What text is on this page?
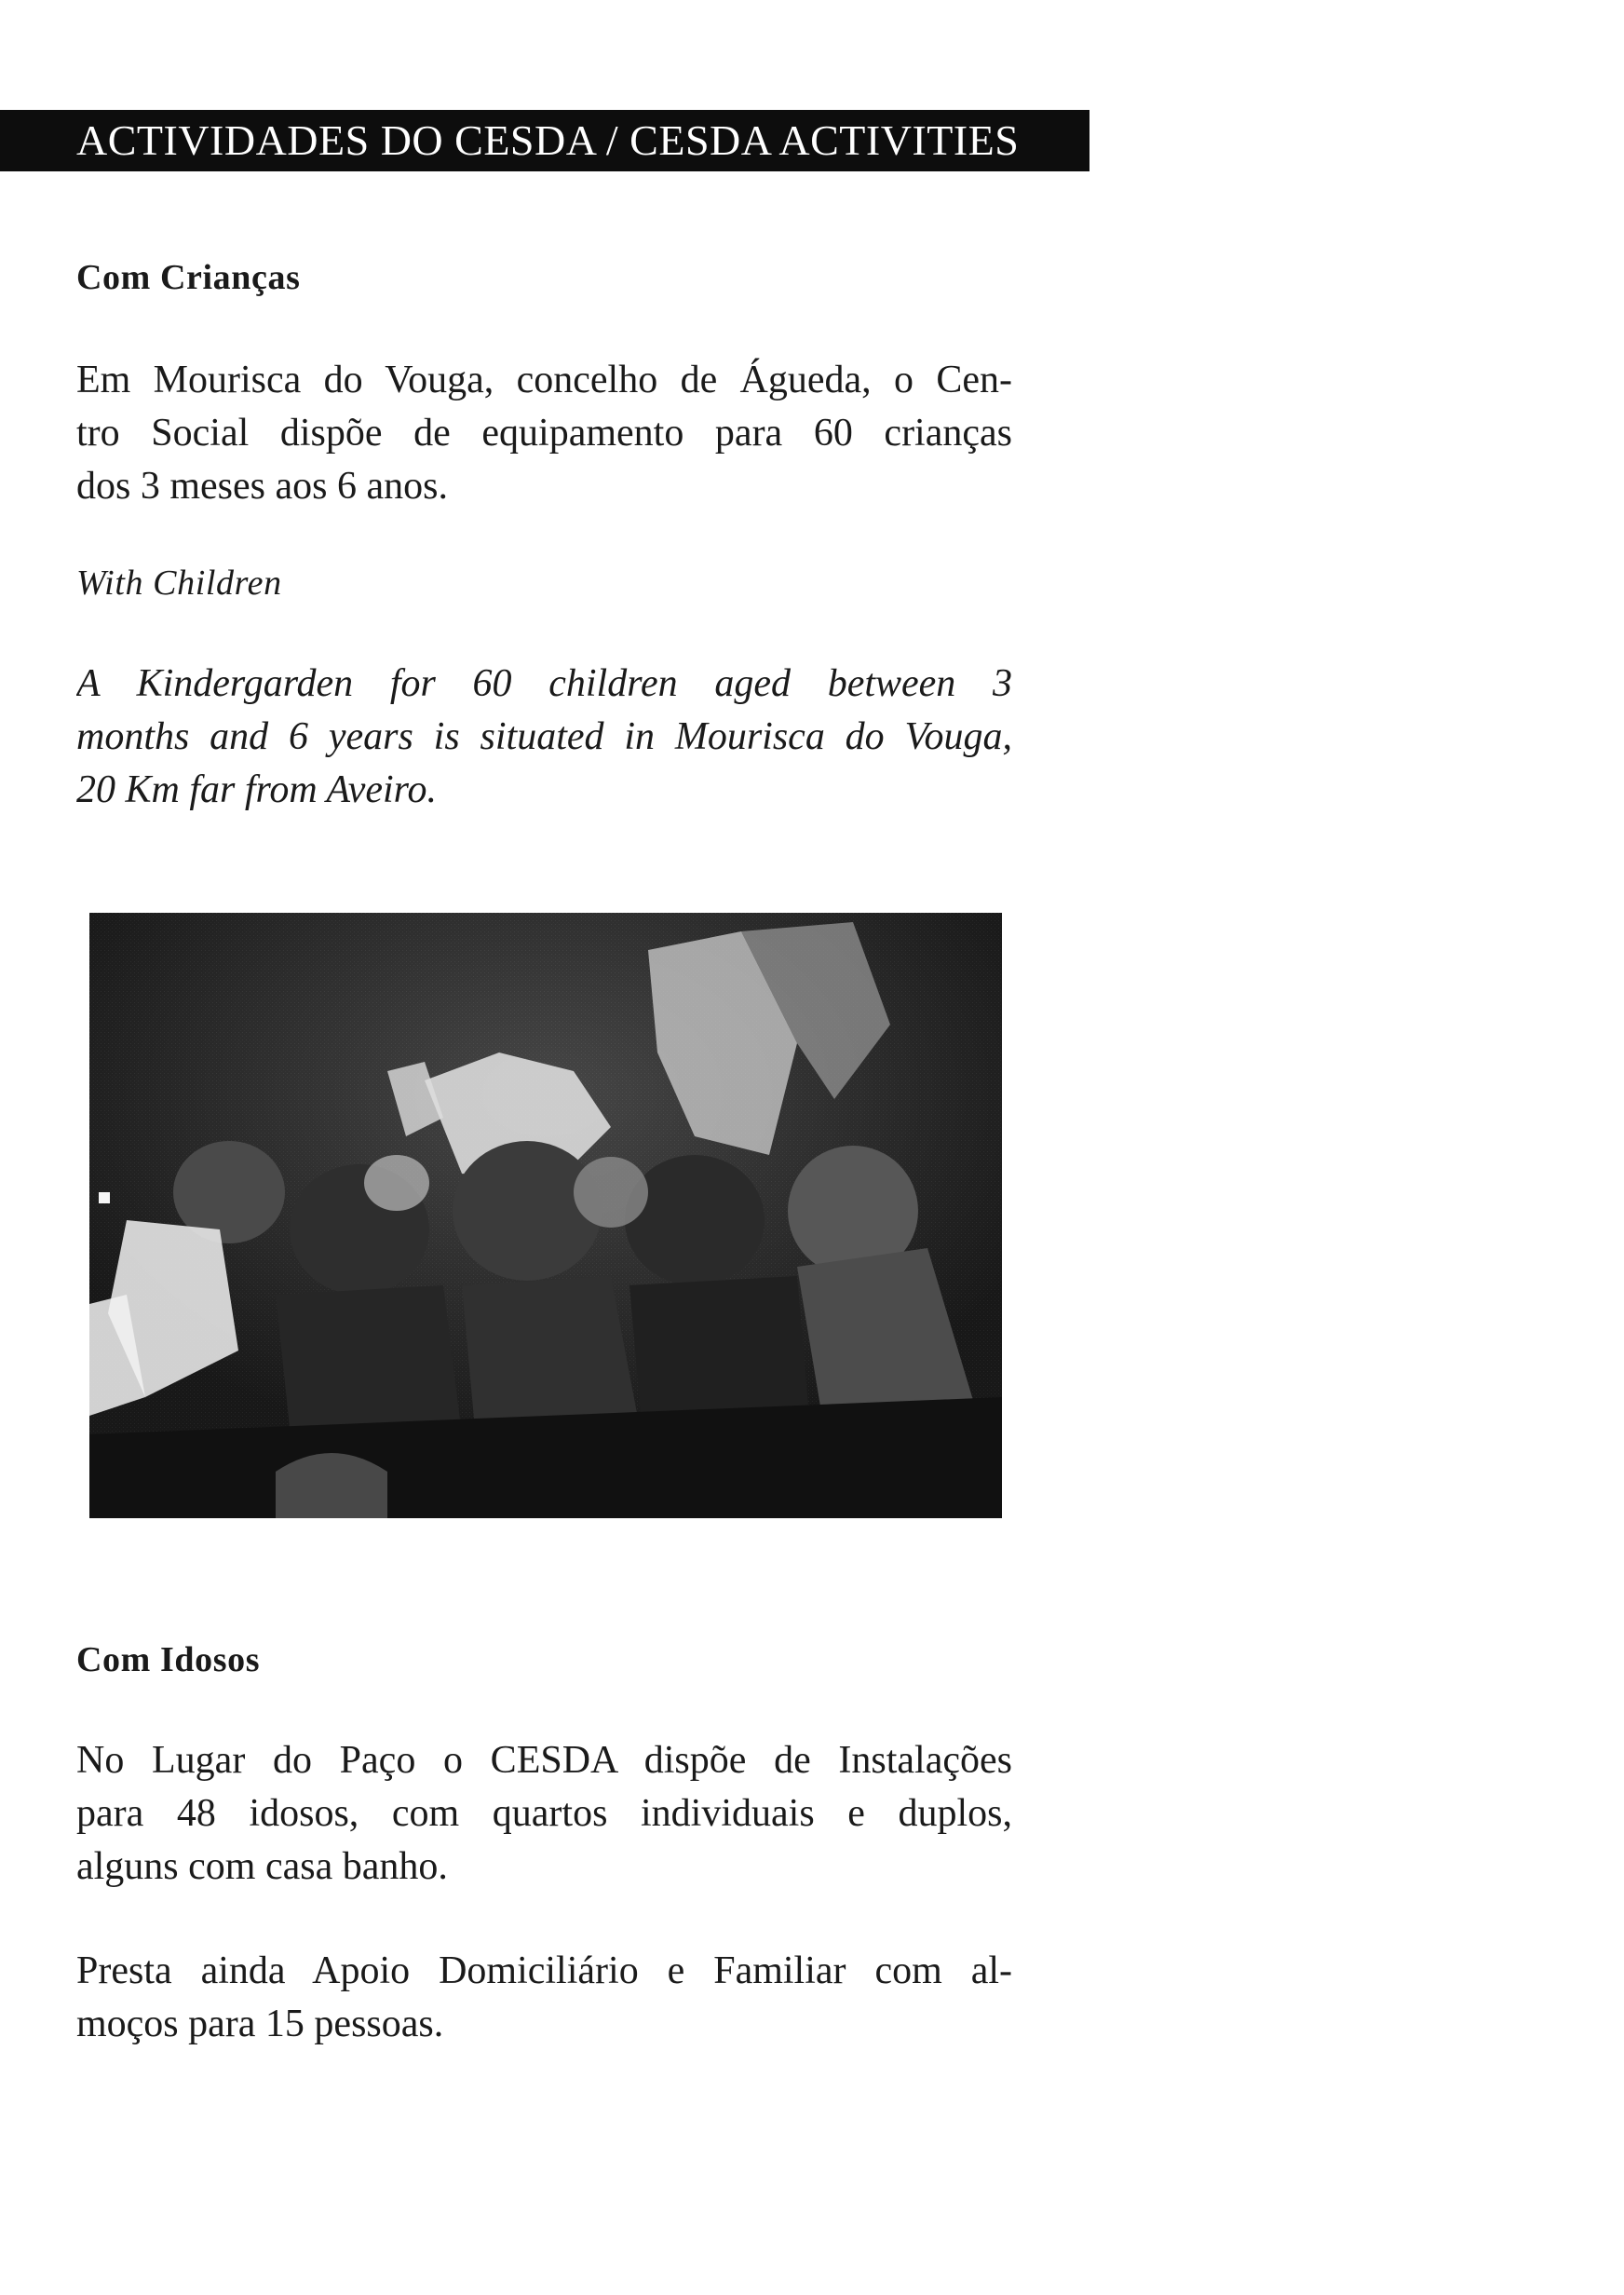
ACTIVIDADES DO CESDA / CESDA ACTIVITIES
Com Crianças
Em Mourisca do Vouga, concelho de Águeda, o Cen-
tro Social dispõe de equipamento para 60 crianças
dos 3 meses aos 6 anos.
With Children
A Kindergarden for 60 children aged between 3
months and 6 years is situated in Mourisca do Vouga,
20 Km far from Aveiro.
Com Idosos
No Lugar do Paço o CESDA dispõe de Instalações
para 48 idosos, com quartos individuais e duplos,
alguns com casa banho.
Presta ainda Apoio Domiciliário e Familiar com al-
moços para 15 pessoas.
